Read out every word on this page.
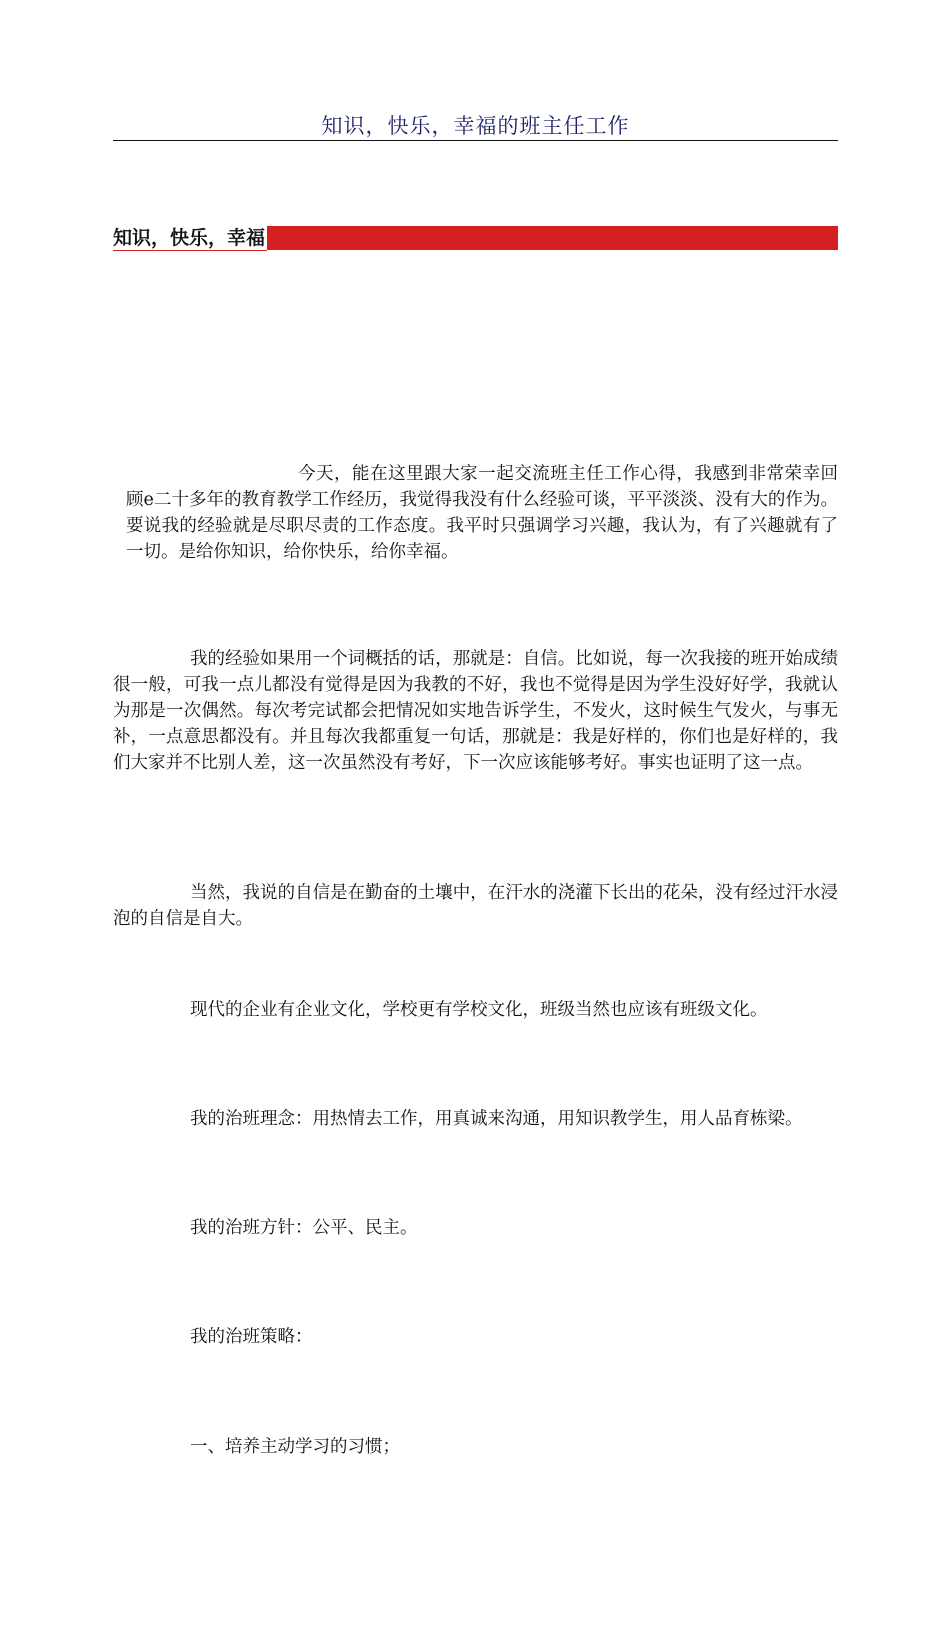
知识，快乐，幸福的班主任工作
知识，快乐，幸福

今天，能在这里跟大家一起交流班主任工作心得，我感到非常荣幸回顾e二十多年的教育教学工作经历，我觉得我没有什么经验可谈，平平淡淡、没有大的作为。要说我的经验就是尽职尽责的工作态度。我平时只强调学习兴趣，我认为，有了兴趣就有了一切。是给你知识，给你快乐，给你幸福。

我的经验如果用一个词概括的话，那就是：自信。比如说，每一次我接的班开始成绩很一般，可我一点儿都没有觉得是因为我教的不好，我也不觉得是因为学生没好好学，我就认为那是一次偶然。每次考完试都会把情况如实地告诉学生，不发火，这时候生气发火，与事无补，一点意思都没有。并且每次我都重复一句话，那就是：我是好样的，你们也是好样的，我们大家并不比别人差，这一次虽然没有考好，下一次应该能够考好。事实也证明了这一点。

当然，我说的自信是在勤奋的土壤中，在汗水的浇灌下长出的花朵，没有经过汗水浸泡的自信是自大。

现代的企业有企业文化，学校更有学校文化，班级当然也应该有班级文化。
我的治班理念：用热情去工作，用真诚来沟通，用知识教学生，用人品育栋梁。
我的治班方针：公平、民主。
我的治班策略：
一、培养主动学习的习惯；
